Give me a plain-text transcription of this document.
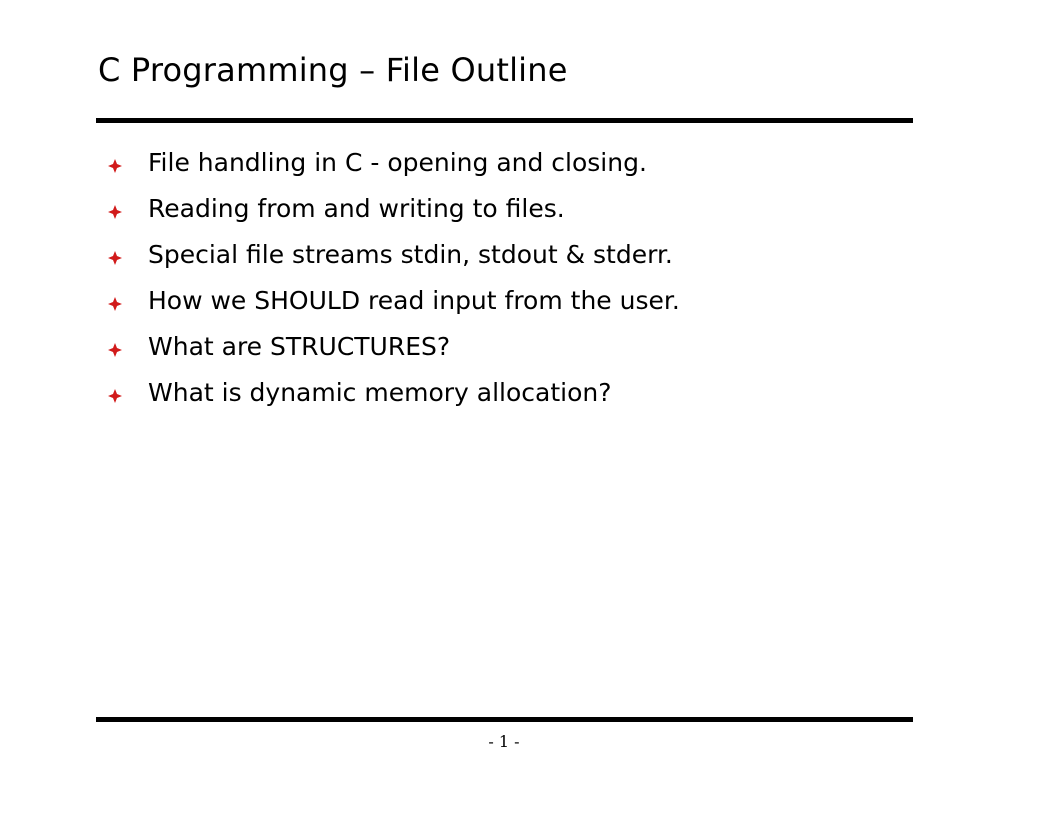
C Programming – File Outline
File handling in C - opening and closing.
Reading from and writing to files.
Special file streams stdin, stdout & stderr.
How we SHOULD read input from the user.
What are STRUCTURES?
What is dynamic memory allocation?
- 1 -
